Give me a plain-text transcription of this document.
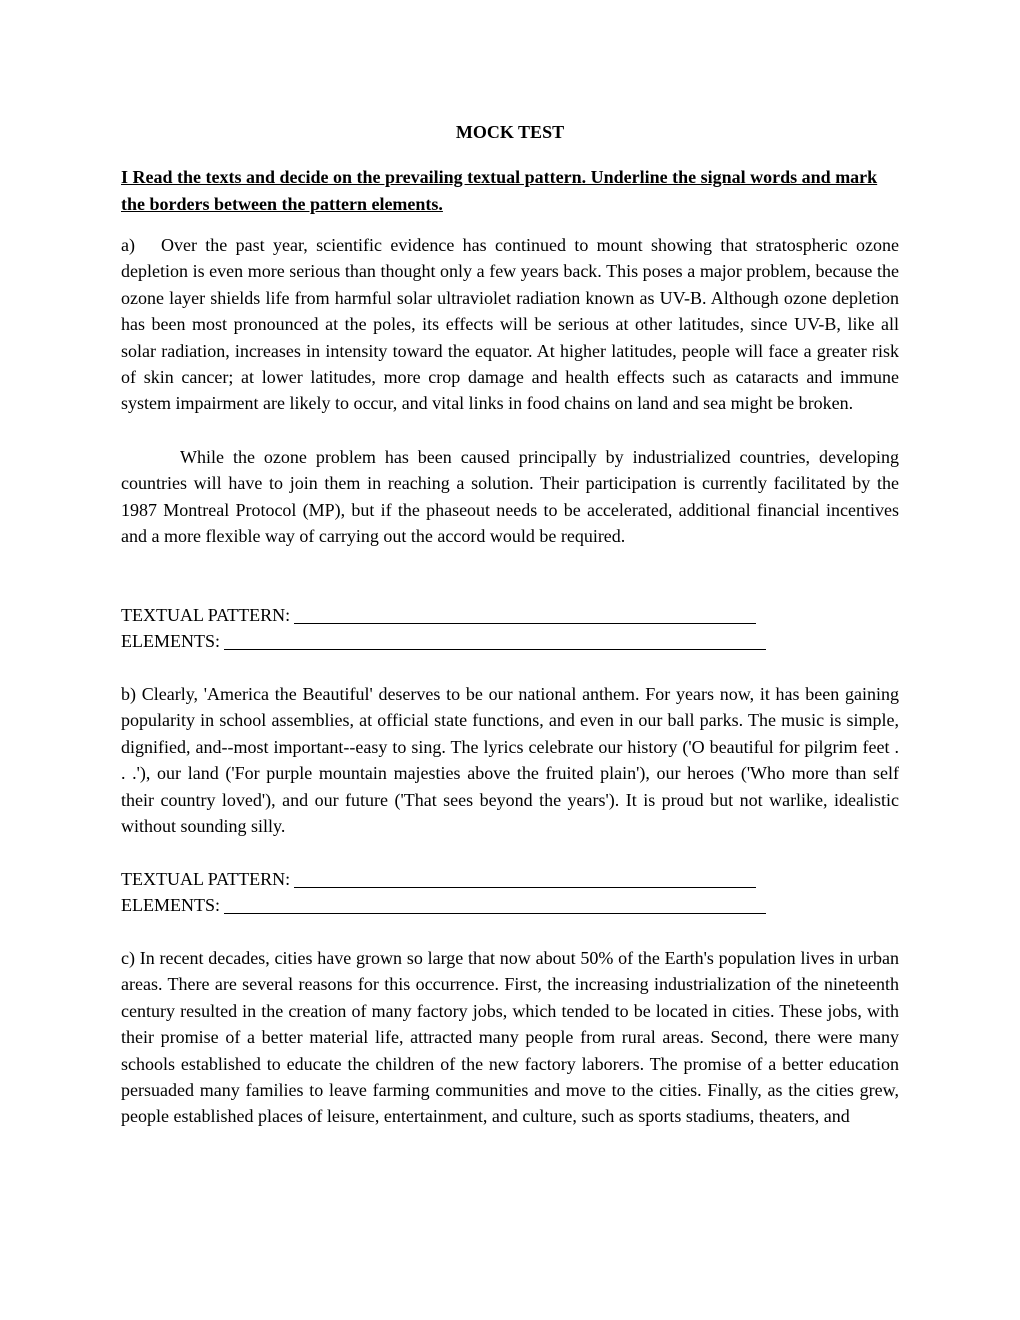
MOCK TEST

I Read the texts and decide on the prevailing textual pattern. Underline the signal words and mark the borders between the pattern elements.

a) Over the past year, scientific evidence has continued to mount showing that stratospheric ozone depletion is even more serious than thought only a few years back. This poses a major problem, because the ozone layer shields life from harmful solar ultraviolet radiation known as UV-B. Although ozone depletion has been most pronounced at the poles, its effects will be serious at other latitudes, since UV-B, like all solar radiation, increases in intensity toward the equator. At higher latitudes, people will face a greater risk of skin cancer; at lower latitudes, more crop damage and health effects such as cataracts and immune system impairment are likely to occur, and vital links in food chains on land and sea might be broken.

While the ozone problem has been caused principally by industrialized countries, developing countries will have to join them in reaching a solution. Their participation is currently facilitated by the 1987 Montreal Protocol (MP), but if the phaseout needs to be accelerated, additional financial incentives and a more flexible way of carrying out the accord would be required.

TEXTUAL PATTERN:

ELEMENTS:

b) Clearly, 'America the Beautiful' deserves to be our national anthem. For years now, it has been gaining popularity in school assemblies, at official state functions, and even in our ball parks. The music is simple, dignified, and--most important--easy to sing. The lyrics celebrate our history ('O beautiful for pilgrim feet . . .'), our land ('For purple mountain majesties above the fruited plain'), our heroes ('Who more than self their country loved'), and our future ('That sees beyond the years'). It is proud but not warlike, idealistic without sounding silly.

TEXTUAL PATTERN:

ELEMENTS:

c) In recent decades, cities have grown so large that now about 50% of the Earth's population lives in urban areas. There are several reasons for this occurrence. First, the increasing industrialization of the nineteenth century resulted in the creation of many factory jobs, which tended to be located in cities. These jobs, with their promise of a better material life, attracted many people from rural areas. Second, there were many schools established to educate the children of the new factory laborers. The promise of a better education persuaded many families to leave farming communities and move to the cities. Finally, as the cities grew, people established places of leisure, entertainment, and culture, such as sports stadiums, theaters, and
